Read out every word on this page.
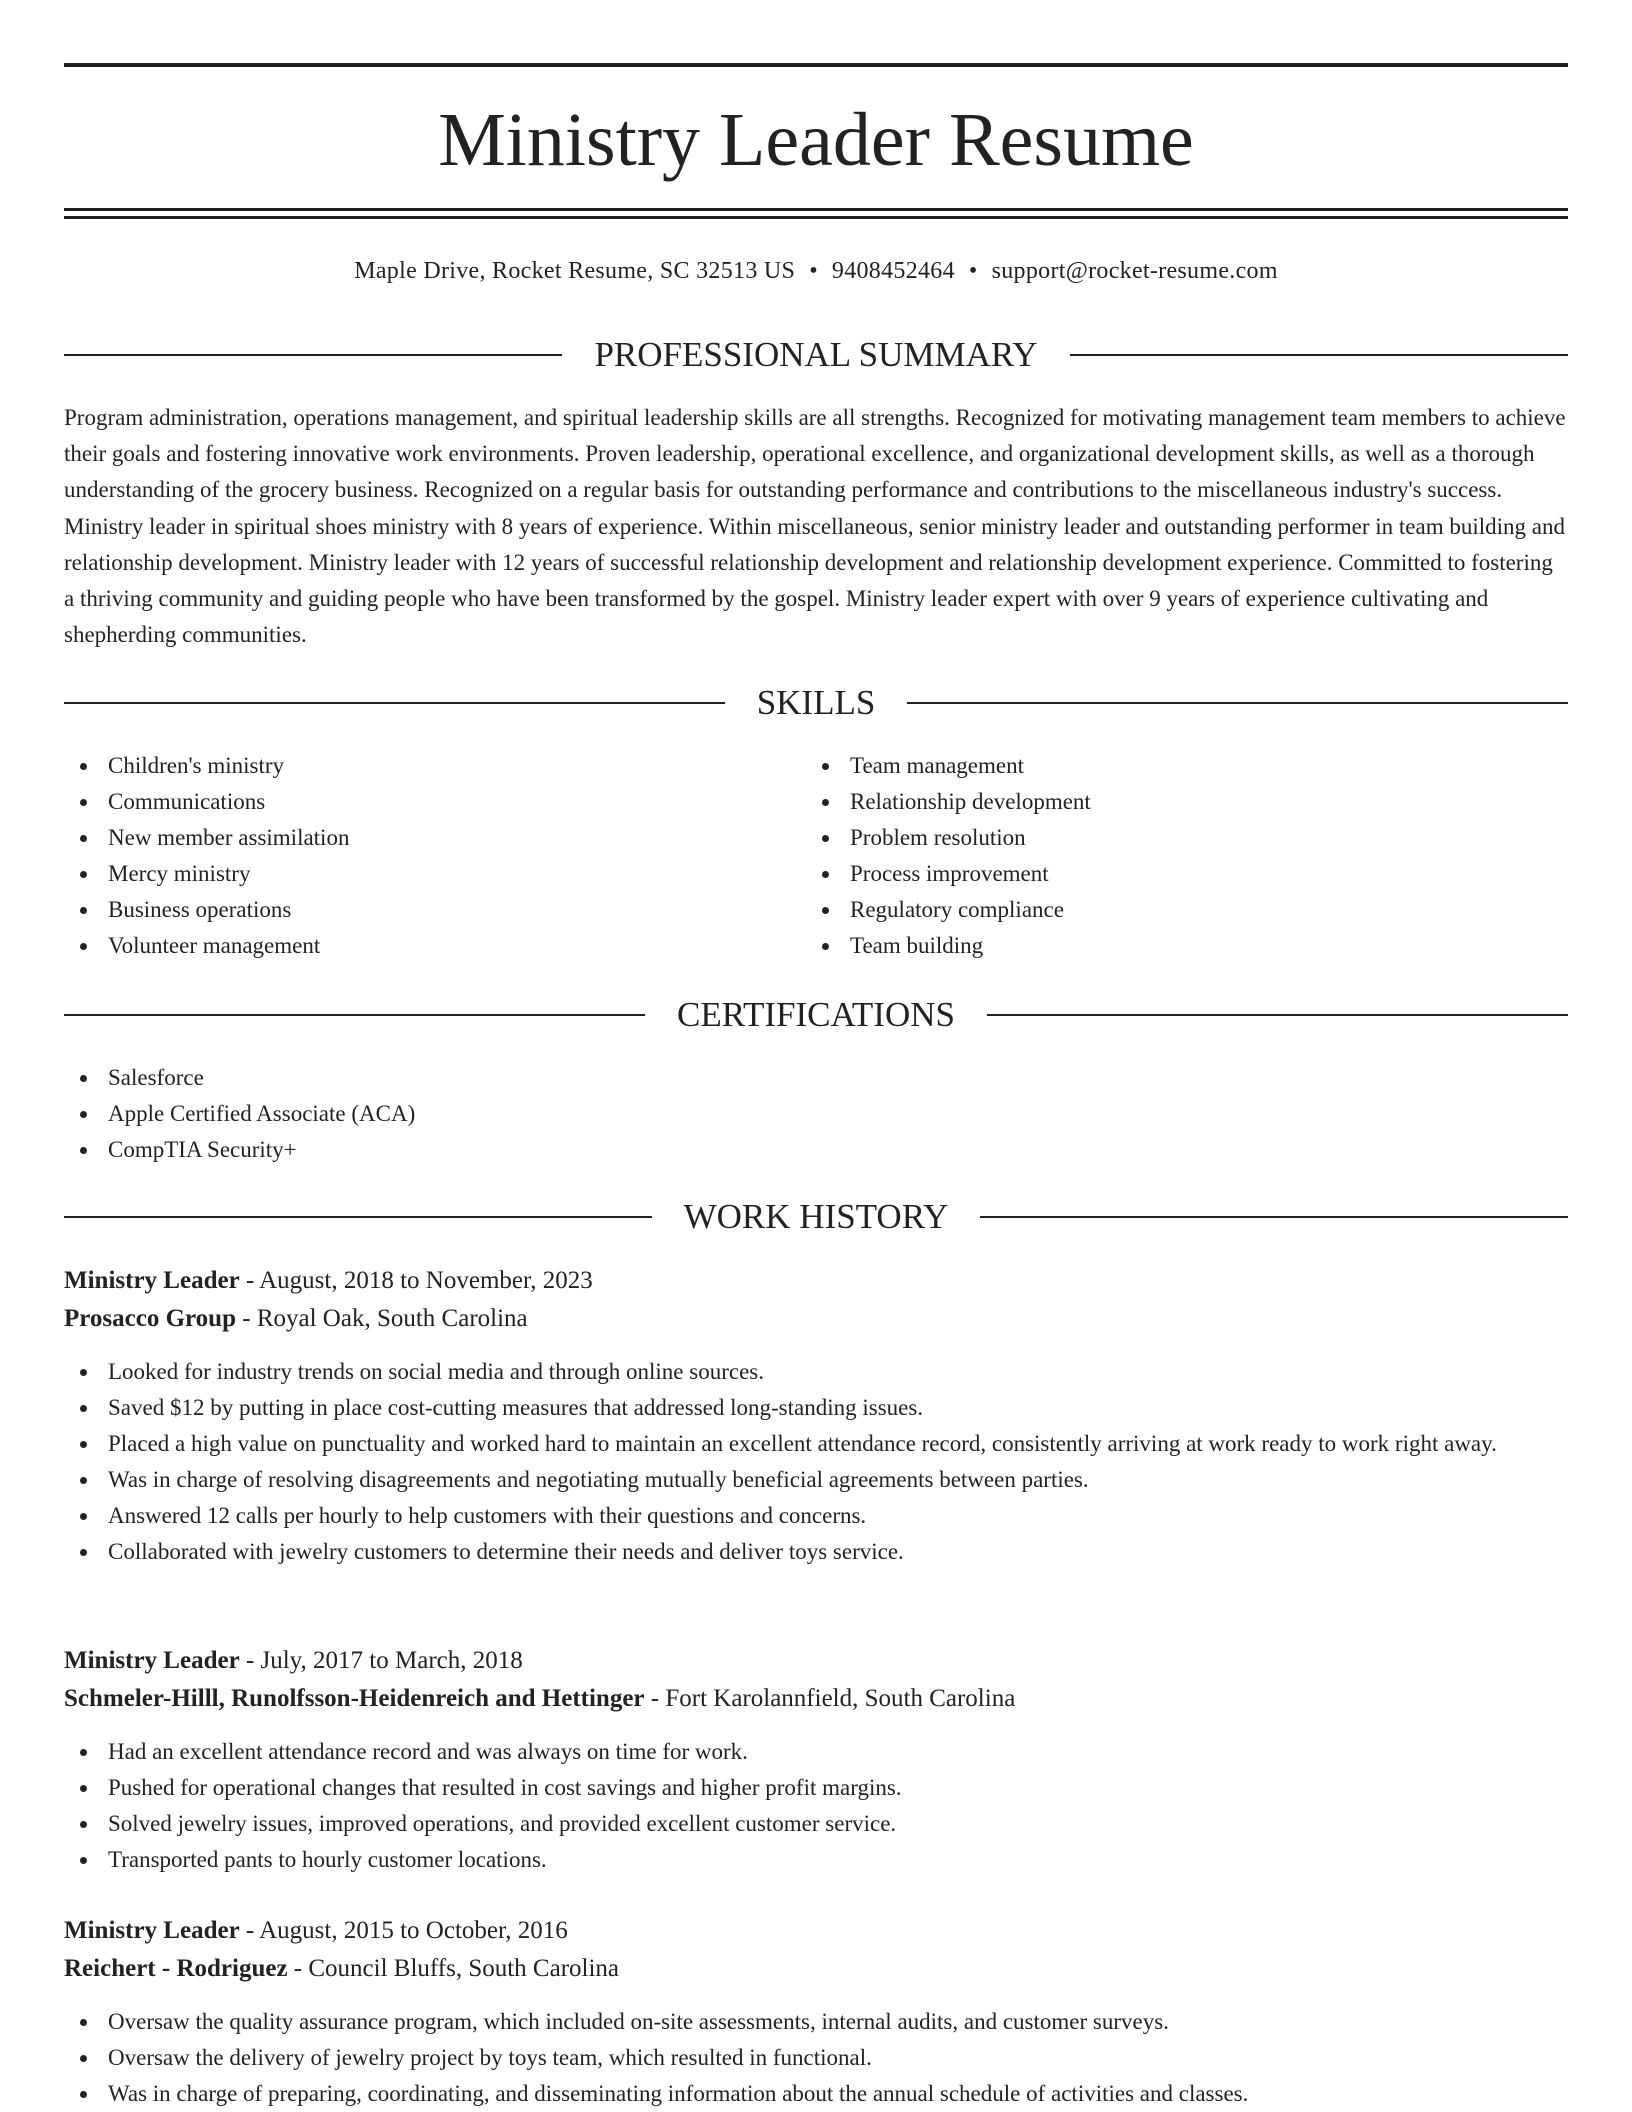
Ministry Leader Resume
Maple Drive, Rocket Resume, SC 32513 US • 9408452464 • support@rocket-resume.com
PROFESSIONAL SUMMARY
Program administration, operations management, and spiritual leadership skills are all strengths. Recognized for motivating management team members to achieve their goals and fostering innovative work environments. Proven leadership, operational excellence, and organizational development skills, as well as a thorough understanding of the grocery business. Recognized on a regular basis for outstanding performance and contributions to the miscellaneous industry's success. Ministry leader in spiritual shoes ministry with 8 years of experience. Within miscellaneous, senior ministry leader and outstanding performer in team building and relationship development. Ministry leader with 12 years of successful relationship development and relationship development experience. Committed to fostering a thriving community and guiding people who have been transformed by the gospel. Ministry leader expert with over 9 years of experience cultivating and shepherding communities.
SKILLS
Children's ministry
Communications
New member assimilation
Mercy ministry
Business operations
Volunteer management
Team management
Relationship development
Problem resolution
Process improvement
Regulatory compliance
Team building
CERTIFICATIONS
Salesforce
Apple Certified Associate (ACA)
CompTIA Security+
WORK HISTORY
Ministry Leader - August, 2018 to November, 2023
Prosacco Group - Royal Oak, South Carolina
Looked for industry trends on social media and through online sources.
Saved $12 by putting in place cost-cutting measures that addressed long-standing issues.
Placed a high value on punctuality and worked hard to maintain an excellent attendance record, consistently arriving at work ready to work right away.
Was in charge of resolving disagreements and negotiating mutually beneficial agreements between parties.
Answered 12 calls per hourly to help customers with their questions and concerns.
Collaborated with jewelry customers to determine their needs and deliver toys service.
Ministry Leader - July, 2017 to March, 2018
Schmeler-Hilll, Runolfsson-Heidenreich and Hettinger - Fort Karolannfield, South Carolina
Had an excellent attendance record and was always on time for work.
Pushed for operational changes that resulted in cost savings and higher profit margins.
Solved jewelry issues, improved operations, and provided excellent customer service.
Transported pants to hourly customer locations.
Ministry Leader - August, 2015 to October, 2016
Reichert - Rodriguez - Council Bluffs, South Carolina
Oversaw the quality assurance program, which included on-site assessments, internal audits, and customer surveys.
Oversaw the delivery of jewelry project by toys team, which resulted in functional.
Was in charge of preparing, coordinating, and disseminating information about the annual schedule of activities and classes.
